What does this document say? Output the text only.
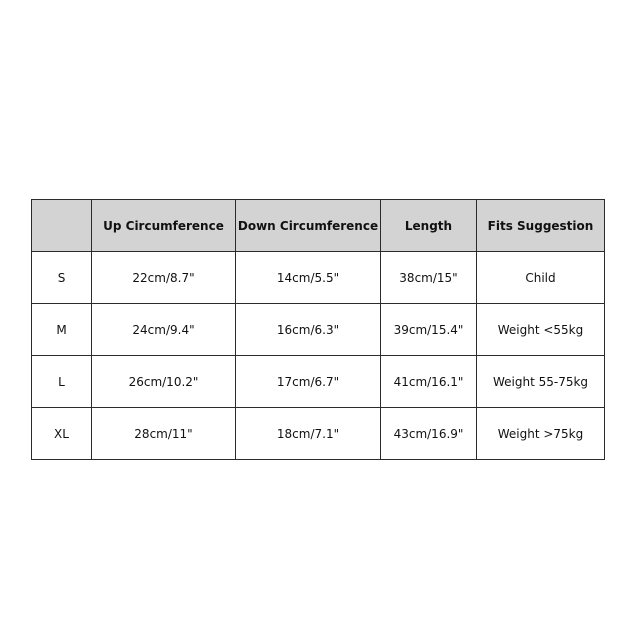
	Up Circumference	Down Circumference	Length	Fits Suggestion
S	22cm/8.7"	14cm/5.5"	38cm/15"	Child
M	24cm/9.4"	16cm/6.3"	39cm/15.4"	Weight <55kg
L	26cm/10.2"	17cm/6.7"	41cm/16.1"	Weight 55-75kg
XL	28cm/11"	18cm/7.1"	43cm/16.9"	Weight >75kg
